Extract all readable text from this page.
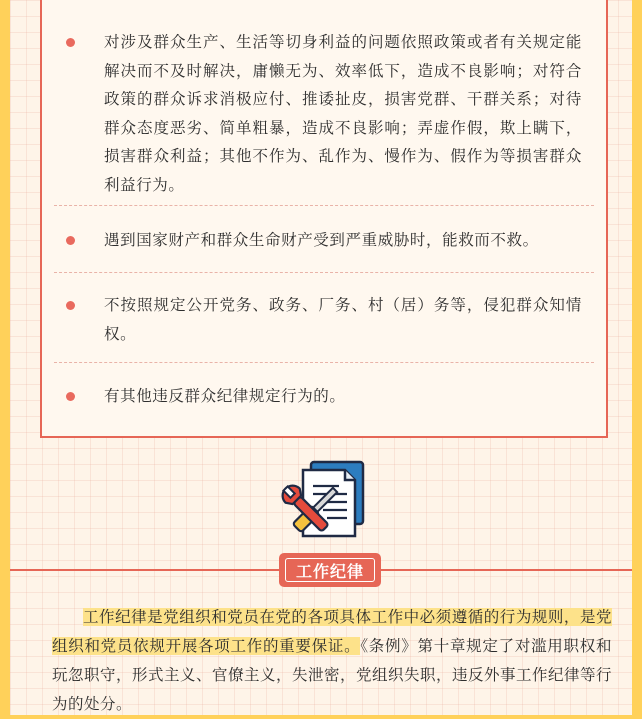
对涉及群众生产、生活等切身利益的问题依照政策或者有关规定能解决而不及时解决，庸懒无为、效率低下，造成不良影响；对符合政策的群众诉求消极应付、推诿扯皮，损害党群、干群关系；对待群众态度恶劣、简单粗暴，造成不良影响；弄虚作假，欺上瞒下，损害群众利益；其他不作为、乱作为、慢作为、假作为等损害群众利益行为。

遇到国家财产和群众生命财产受到严重威胁时，能救而不救。

不按照规定公开党务、政务、厂务、村（居）务等，侵犯群众知情权。

有其他违反群众纪律规定行为的。

工作纪律

工作纪律是党组织和党员在党的各项具体工作中必须遵循的行为规则，是党组织和党员依规开展各项工作的重要保证。《条例》第十章规定了对滥用职权和玩忽职守，形式主义、官僚主义，失泄密，党组织失职，违反外事工作纪律等行为的处分。
